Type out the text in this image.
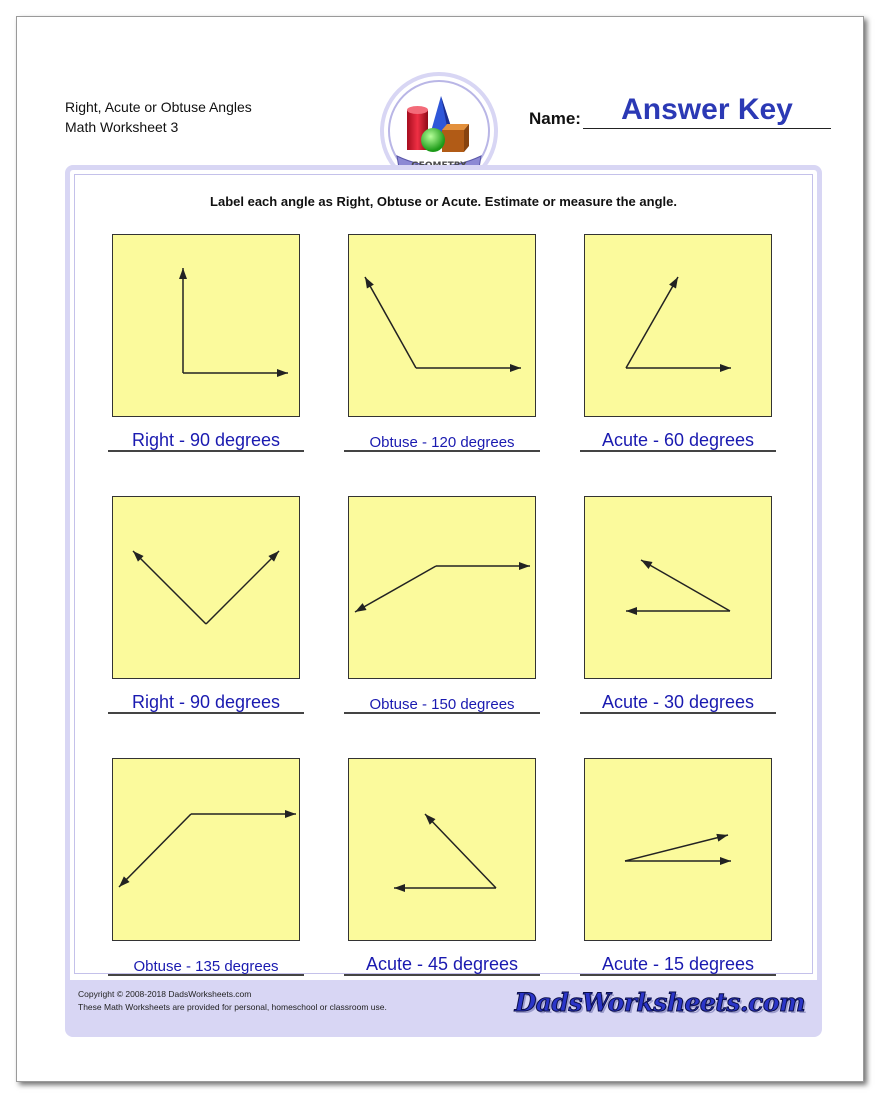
Right, Acute or Obtuse Angles
Math Worksheet 3	Name:	Answer Key
Label each angle as Right, Obtuse or Acute. Estimate or measure the angle.
Right - 90 degrees	Obtuse - 120 degrees	Acute - 60 degrees
Right - 90 degrees	Obtuse - 150 degrees	Acute - 30 degrees
Obtuse - 135 degrees	Acute - 45 degrees	Acute - 15 degrees
Copyright © 2008-2018 DadsWorksheets.com
These Math Worksheets are provided for personal, homeschool or classroom use.	DadsWorksheets.com
